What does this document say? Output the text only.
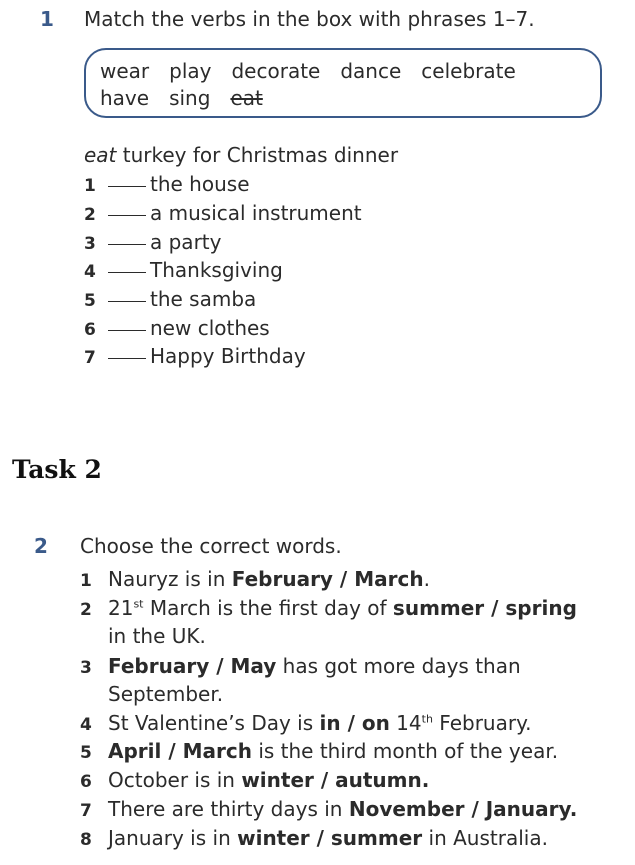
1 Match the verbs in the box with phrases 1–7.
wear play decorate dance celebrate
have sing eat
eat turkey for Christmas dinner
1	the house
2	a musical instrument
3	a party
4	Thanksgiving
5	the samba
6	new clothes
7	Happy Birthday
Task 2
2 Choose the correct words.
1 Nauryz is in February / March.
2 21st March is the first day of summer / spring
in the UK.
3 February / May has got more days than
September.
4 St Valentine’s Day is in / on 14th February.
5 April / March is the third month of the year.
6 October is in winter / autumn.
7 There are thirty days in November / January.
8 January is in winter / summer in Australia.
